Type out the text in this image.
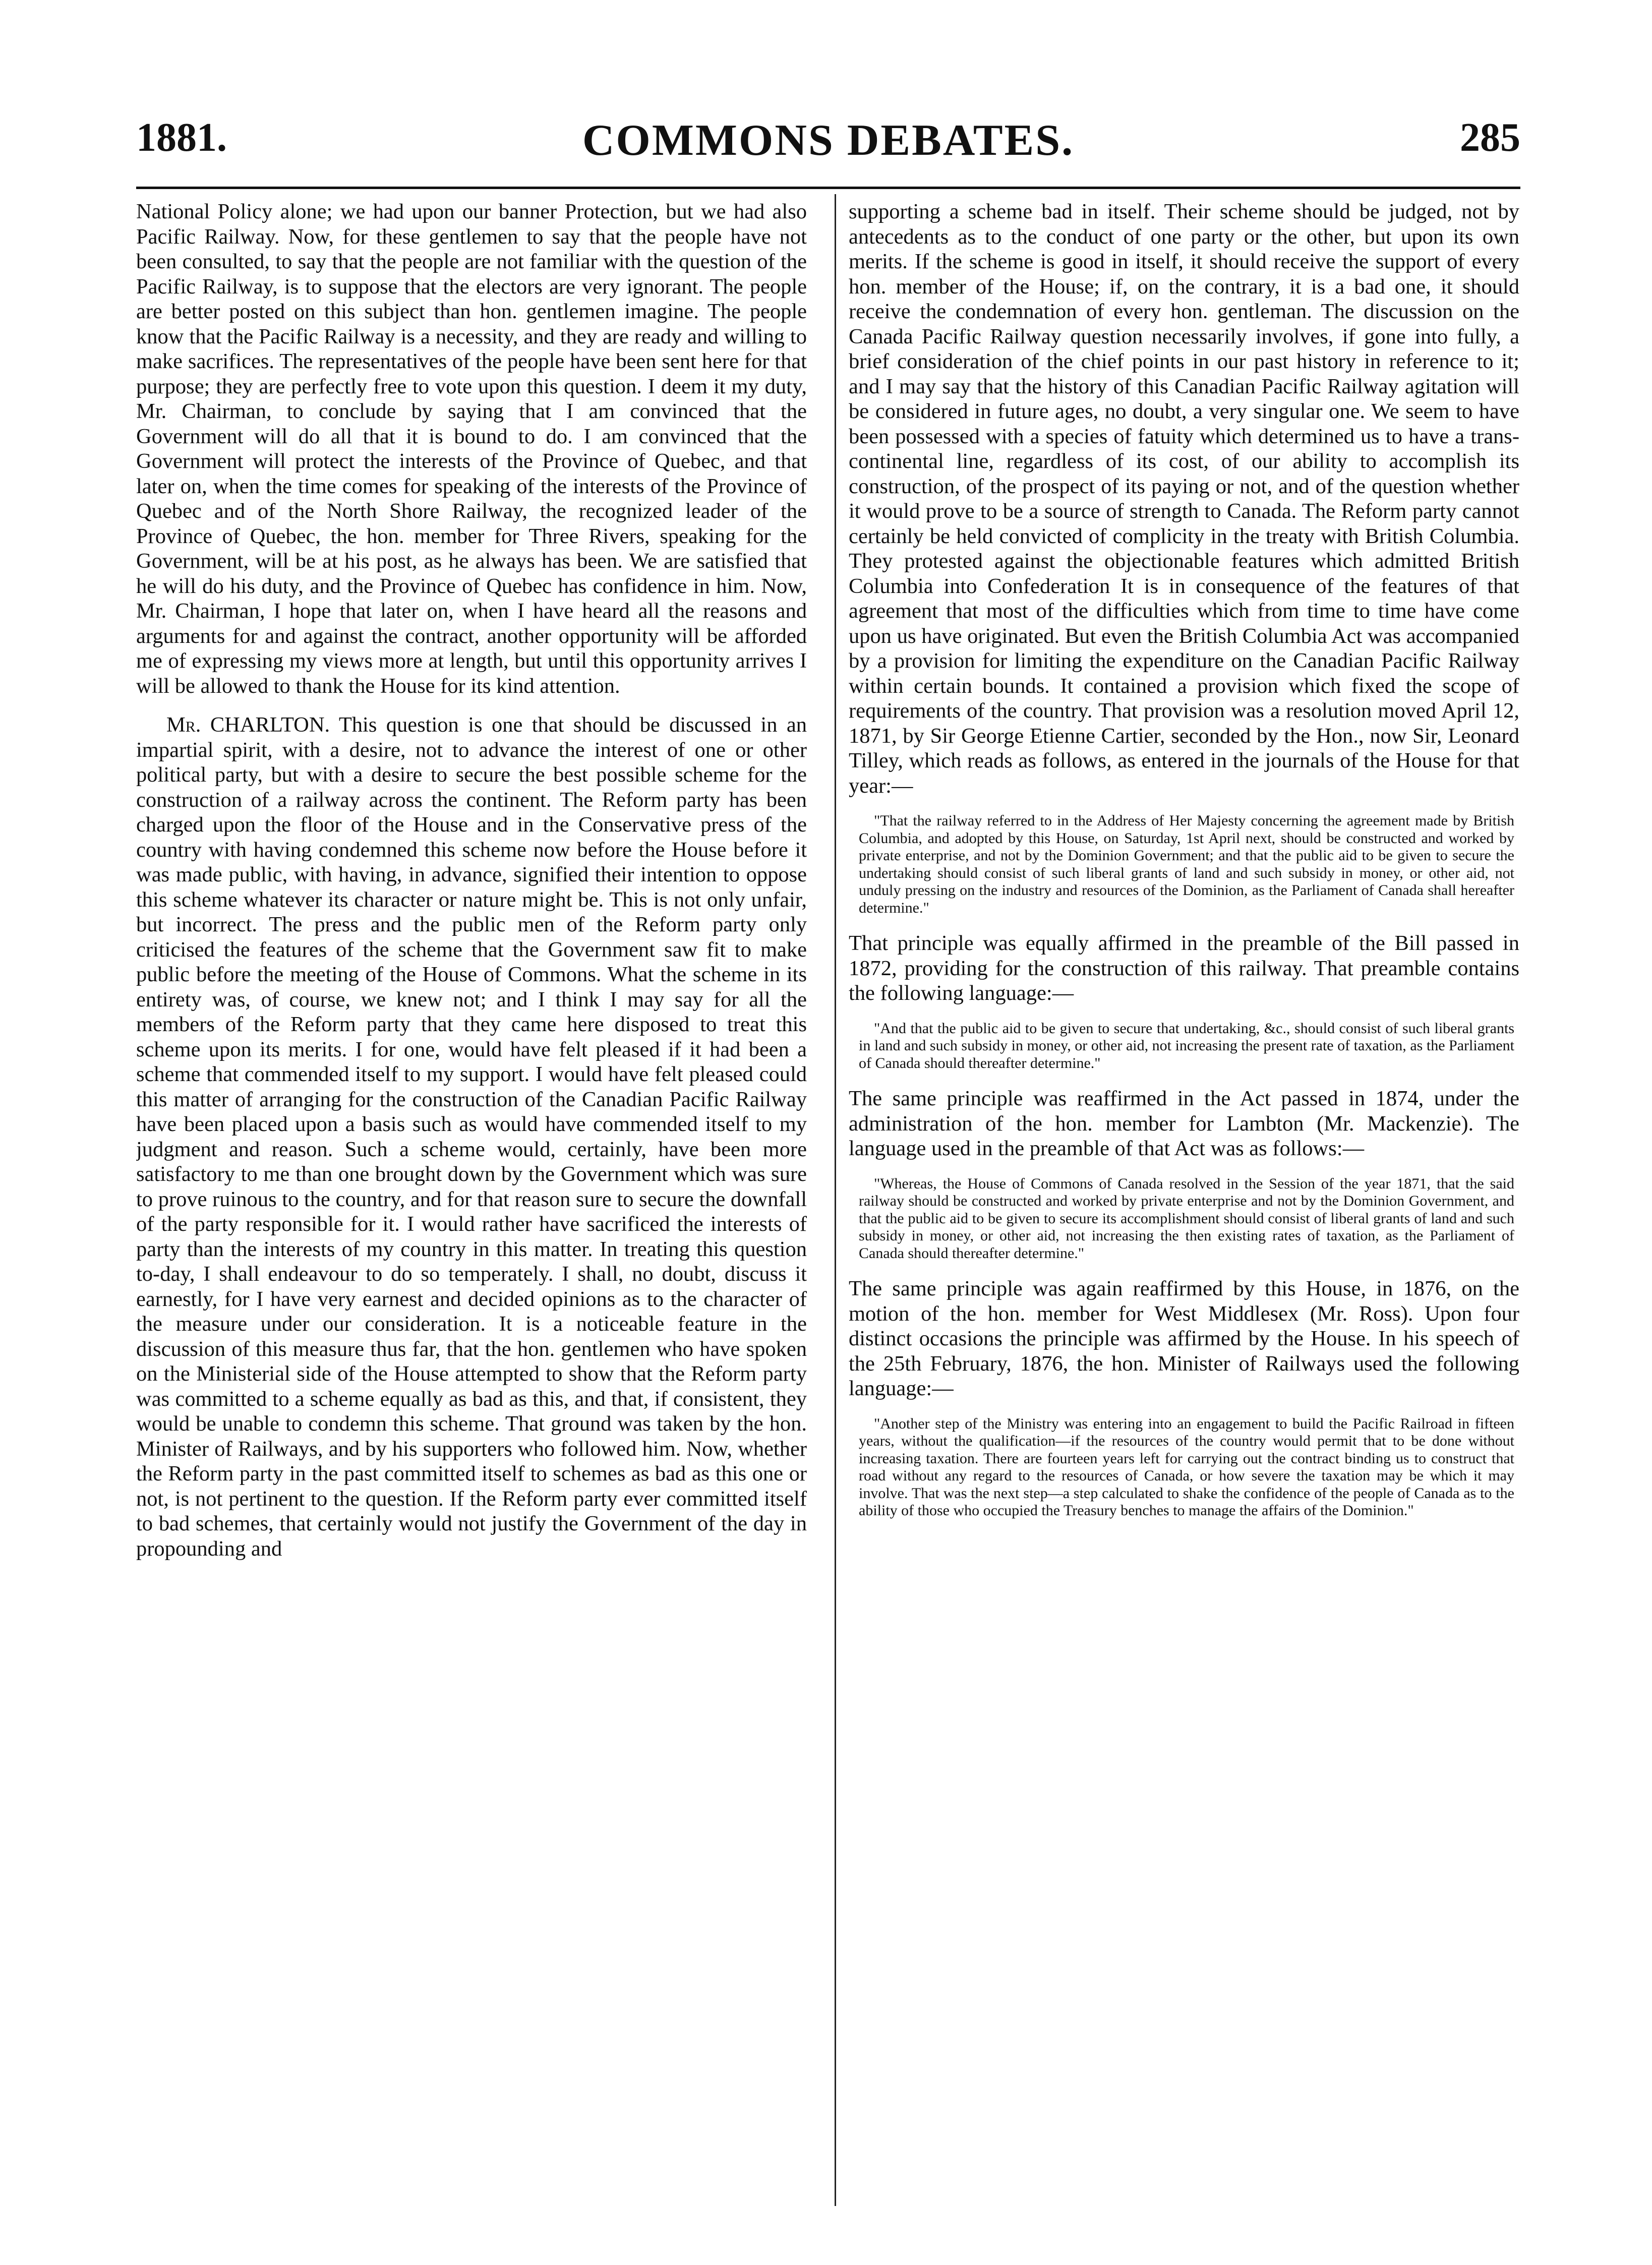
1881.	COMMONS DEBATES.	285

National Policy alone; we had upon our banner Protection, but we had also Pacific Railway. Now, for these gentlemen to say that the people have not been consulted, to say that the people are not familiar with the question of the Pacific Railway, is to suppose that the electors are very ignorant. The people are better posted on this subject than hon. gentlemen imagine. The people know that the Pacific Railway is a necessity, and they are ready and willing to make sacrifices. The representatives of the people have been sent here for that purpose; they are perfectly free to vote upon this question. I deem it my duty, Mr. Chairman, to conclude by saying that I am convinced that the Government will do all that it is bound to do. I am convinced that the Government will protect the interests of the Province of Quebec, and that later on, when the time comes for speaking of the interests of the Province of Quebec and of the North Shore Railway, the recognized leader of the Province of Quebec, the hon. member for Three Rivers, speaking for the Government, will be at his post, as he always has been. We are satisfied that he will do his duty, and the Province of Quebec has confidence in him. Now, Mr. Chairman, I hope that later on, when I have heard all the reasons and arguments for and against the contract, another opportunity will be afforded me of expressing my views more at length, but until this opportunity arrives I will be allowed to thank the House for its kind attention.

Mr. CHARLTON. This question is one that should be discussed in an impartial spirit, with a desire, not to advance the interest of one or other political party, but with a desire to secure the best possible scheme for the construction of a railway across the continent. The Reform party has been charged upon the floor of the House and in the Conservative press of the country with having condemned this scheme now before the House before it was made public, with having, in advance, signified their intention to oppose this scheme whatever its character or nature might be. This is not only unfair, but incorrect. The press and the public men of the Reform party only criticised the features of the scheme that the Government saw fit to make public before the meeting of the House of Commons. What the scheme in its entirety was, of course, we knew not; and I think I may say for all the members of the Reform party that they came here disposed to treat this scheme upon its merits. I for one, would have felt pleased if it had been a scheme that commended itself to my support. I would have felt pleased could this matter of arranging for the construction of the Canadian Pacific Railway have been placed upon a basis such as would have commended itself to my judgment and reason. Such a scheme would, certainly, have been more satisfactory to me than one brought down by the Government which was sure to prove ruinous to the country, and for that reason sure to secure the downfall of the party responsible for it. I would rather have sacrificed the interests of party than the interests of my country in this matter. In treating this question to-day, I shall endeavour to do so temperately. I shall, no doubt, discuss it earnestly, for I have very earnest and decided opinions as to the character of the measure under our consideration. It is a noticeable feature in the discussion of this measure thus far, that the hon. gentlemen who have spoken on the Ministerial side of the House attempted to show that the Reform party was committed to a scheme equally as bad as this, and that, if consistent, they would be unable to condemn this scheme. That ground was taken by the hon. Minister of Railways, and by his supporters who followed him. Now, whether the Reform party in the past committed itself to schemes as bad as this one or not, is not pertinent to the question. If the Reform party ever committed itself to bad schemes, that certainly would not justify the Government of the day in propounding and

supporting a scheme bad in itself. Their scheme should be judged, not by antecedents as to the conduct of one party or the other, but upon its own merits. If the scheme is good in itself, it should receive the support of every hon. member of the House; if, on the contrary, it is a bad one, it should receive the condemnation of every hon. gentleman. The discussion on the Canada Pacific Railway question necessarily involves, if gone into fully, a brief consideration of the chief points in our past history in reference to it; and I may say that the history of this Canadian Pacific Railway agitation will be considered in future ages, no doubt, a very singular one. We seem to have been possessed with a species of fatuity which determined us to have a trans-continental line, regardless of its cost, of our ability to accomplish its construction, of the prospect of its paying or not, and of the question whether it would prove to be a source of strength to Canada. The Reform party cannot certainly be held convicted of complicity in the treaty with British Columbia. They protested against the objectionable features which admitted British Columbia into Confederation It is in consequence of the features of that agreement that most of the difficulties which from time to time have come upon us have originated. But even the British Columbia Act was accompanied by a provision for limiting the expenditure on the Canadian Pacific Railway within certain bounds. It contained a provision which fixed the scope of requirements of the country. That provision was a resolution moved April 12, 1871, by Sir George Etienne Cartier, seconded by the Hon., now Sir, Leonard Tilley, which reads as follows, as entered in the journals of the House for that year:—

"That the railway referred to in the Address of Her Majesty concerning the agreement made by British Columbia, and adopted by this House, on Saturday, 1st April next, should be constructed and worked by private enterprise, and not by the Dominion Government; and that the public aid to be given to secure the undertaking should consist of such liberal grants of land and such subsidy in money, or other aid, not unduly pressing on the industry and resources of the Dominion, as the Parliament of Canada shall hereafter determine."

That principle was equally affirmed in the preamble of the Bill passed in 1872, providing for the construction of this railway. That preamble contains the following language:—

"And that the public aid to be given to secure that undertaking, &c., should consist of such liberal grants in land and such subsidy in money, or other aid, not increasing the present rate of taxation, as the Parliament of Canada should thereafter determine."

The same principle was reaffirmed in the Act passed in 1874, under the administration of the hon. member for Lambton (Mr. Mackenzie). The language used in the preamble of that Act was as follows:—

"Whereas, the House of Commons of Canada resolved in the Session of the year 1871, that the said railway should be constructed and worked by private enterprise and not by the Dominion Government, and that the public aid to be given to secure its accomplishment should consist of liberal grants of land and such subsidy in money, or other aid, not increasing the then existing rates of taxation, as the Parliament of Canada should thereafter determine."

The same principle was again reaffirmed by this House, in 1876, on the motion of the hon. member for West Middlesex (Mr. Ross). Upon four distinct occasions the principle was affirmed by the House. In his speech of the 25th February, 1876, the hon. Minister of Railways used the following language:—

"Another step of the Ministry was entering into an engagement to build the Pacific Railroad in fifteen years, without the qualification—if the resources of the country would permit that to be done without increasing taxation. There are fourteen years left for carrying out the contract binding us to construct that road without any regard to the resources of Canada, or how severe the taxation may be which it may involve. That was the next step—a step calculated to shake the confidence of the people of Canada as to the ability of those who occupied the Treasury benches to manage the affairs of the Dominion."
